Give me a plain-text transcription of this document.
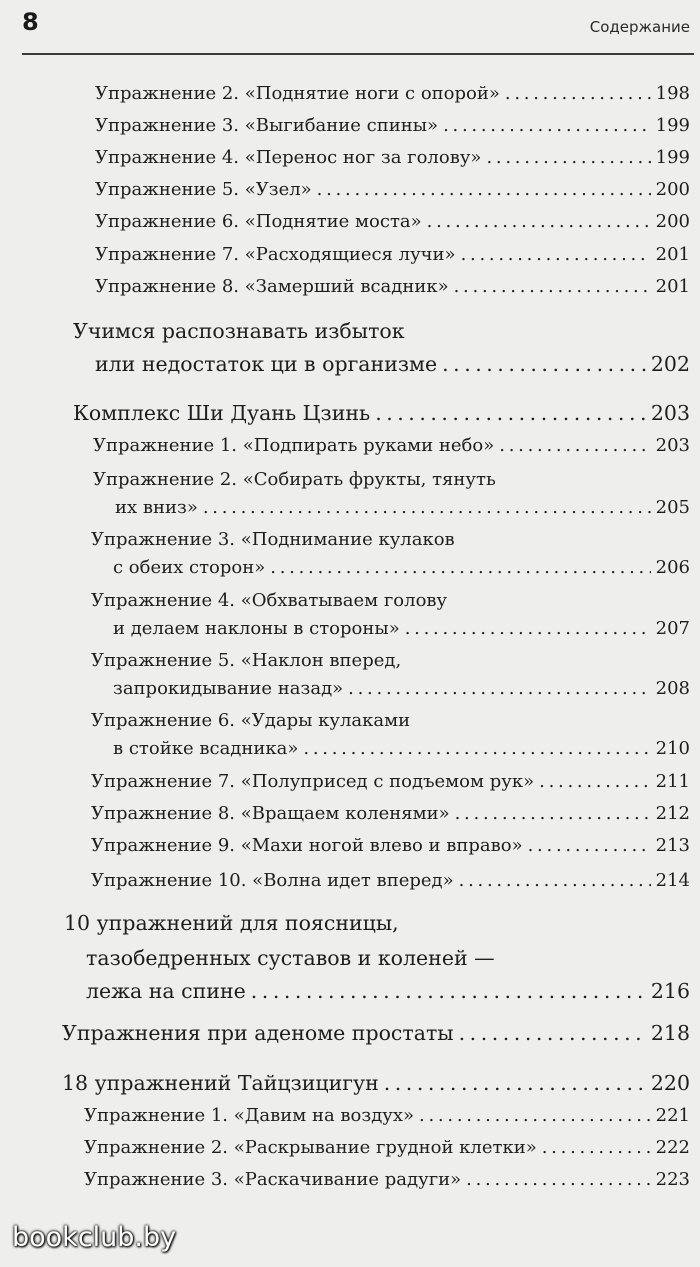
8	Содержание
Упражнение 2. «Поднятие ноги с опорой» . . .	198
Упражнение 3. «Выгибание спины» . . .	199
Упражнение 4. «Перенос ног за голову» . . .	199
Упражнение 5. «Узел» . . .	200
Упражнение 6. «Поднятие моста» . . .	200
Упражнение 7. «Расходящиеся лучи» . . .	201
Упражнение 8. «Замерший всадник» . . .	201
Учимся распознавать избыток
или недостаток ци в организме . . .	202
Комплекс Ши Дуань Цзинь . . .	203
Упражнение 1. «Подпирать руками небо» . . .	203
Упражнение 2. «Собирать фрукты, тянуть
их вниз» . . .	205
Упражнение 3. «Поднимание кулаков
с обеих сторон» . . .	206
Упражнение 4. «Обхватываем голову
и делаем наклоны в стороны» . . .	207
Упражнение 5. «Наклон вперед,
запрокидывание назад» . . .	208
Упражнение 6. «Удары кулаками
в стойке всадника» . . .	210
Упражнение 7. «Полуприсед с подъемом рук» . . .	211
Упражнение 8. «Вращаем коленями» . . .	212
Упражнение 9. «Махи ногой влево и вправо» . . .	213
Упражнение 10. «Волна идет вперед» . . .	214
10 упражнений для поясницы,
тазобедренных суставов и коленей —
лежа на спине . . .	216
Упражнения при аденоме простаты . . .	218
18 упражнений Тайцзицигун . . .	220
Упражнение 1. «Давим на воздух» . . .	221
Упражнение 2. «Раскрывание грудной клетки» . . .	222
Упражнение 3. «Раскачивание радуги» . . .	223
bookclub.by
